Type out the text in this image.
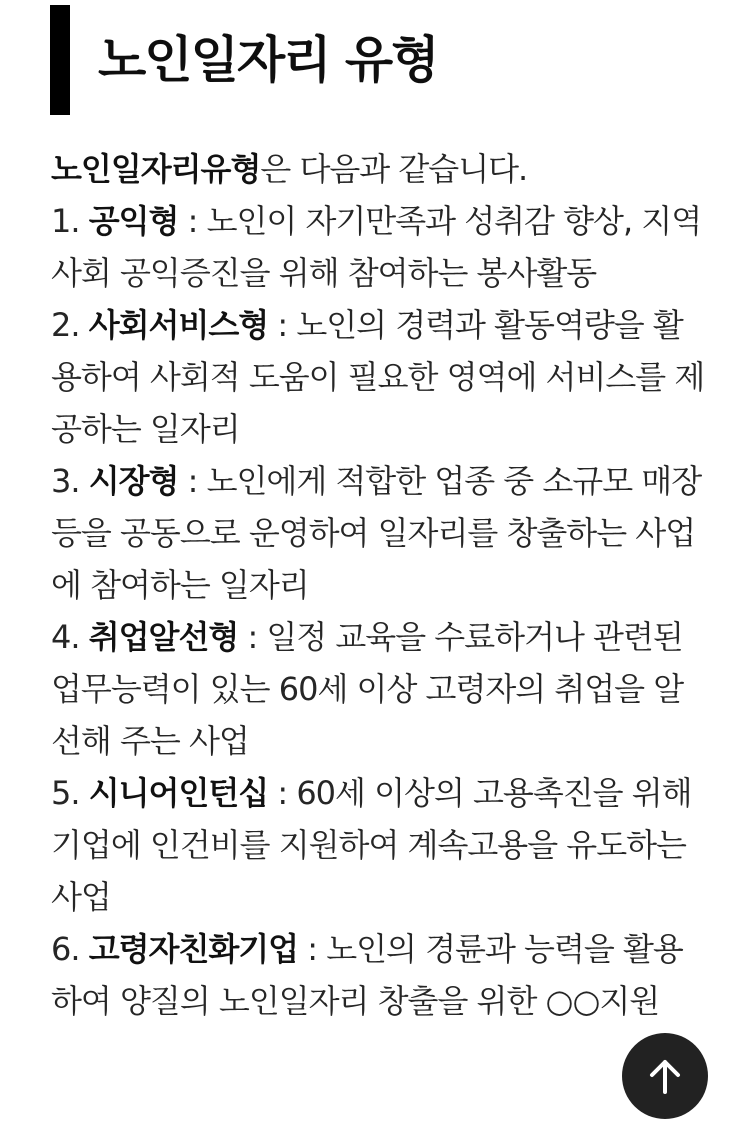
노인일자리 유형

노인일자리유형은 다음과 같습니다.

1. 공익형 : 노인이 자기만족과 성취감 향상, 지역사회 공익증진을 위해 참여하는 봉사활동

2. 사회서비스형 : 노인의 경력과 활동역량을 활용하여 사회적 도움이 필요한 영역에 서비스를 제공하는 일자리

3. 시장형 : 노인에게 적합한 업종 중 소규모 매장 등을 공동으로 운영하여 일자리를 창출하는 사업에 참여하는 일자리

4. 취업알선형 : 일정 교육을 수료하거나 관련된 업무능력이 있는 60세 이상 고령자의 취업을 알선해 주는 사업

5. 시니어인턴십 : 60세 이상의 고용촉진을 위해 기업에 인건비를 지원하여 계속고용을 유도하는 사업

6. 고령자친화기업 : 노인의 경륜과 능력을 활용하여 양질의 노인일자리 창출을 위한 ○○지원
